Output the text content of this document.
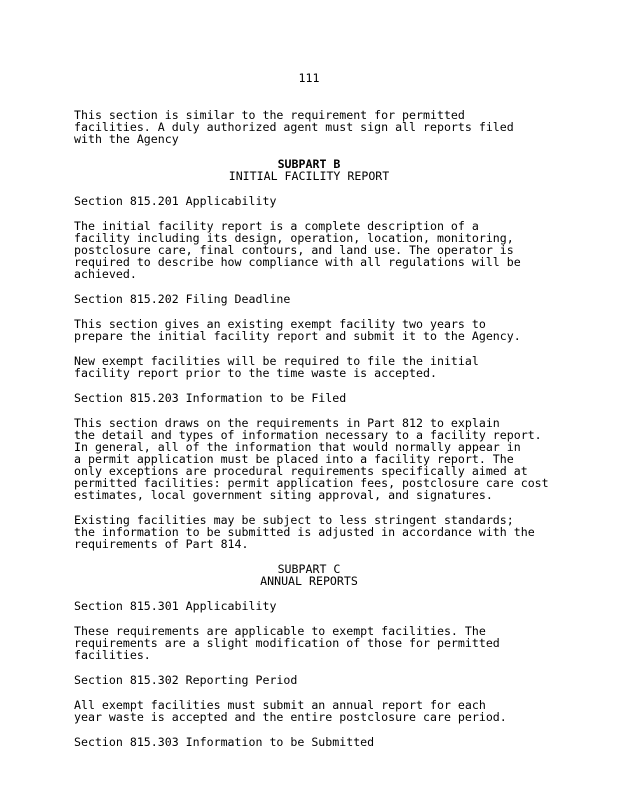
111

This section is similar to the requirement for permitted
facilities. A duly authorized agent must sign all reports filed
with the Agency

SUBPART B
INITIAL FACILITY REPORT

Section 815.201 Applicability

The initial facility report is a complete description of a
facility including its design, operation, location, monitoring,
postclosure care, final contours, and land use. The operator is
required to describe how compliance with all regulations will be
achieved.

Section 815.202 Filing Deadline

This section gives an existing exempt facility two years to
prepare the initial facility report and submit it to the Agency.

New exempt facilities will be required to file the initial
facility report prior to the time waste is accepted.

Section 815.203 Information to be Filed

This section draws on the requirements in Part 812 to explain
the detail and types of information necessary to a facility report.
In general, all of the information that would normally appear in
a permit application must be placed into a facility report. The
only exceptions are procedural requirements specifically aimed at
permitted facilities: permit application fees, postclosure care cost
estimates, local government siting approval, and signatures.

Existing facilities may be subject to less stringent standards;
the information to be submitted is adjusted in accordance with the
requirements of Part 814.

SUBPART C
ANNUAL REPORTS

Section 815.301 Applicability

These requirements are applicable to exempt facilities. The
requirements are a slight modification of those for permitted
facilities.

Section 815.302 Reporting Period

All exempt facilities must submit an annual report for each
year waste is accepted and the entire postclosure care period.

Section 815.303 Information to be Submitted
